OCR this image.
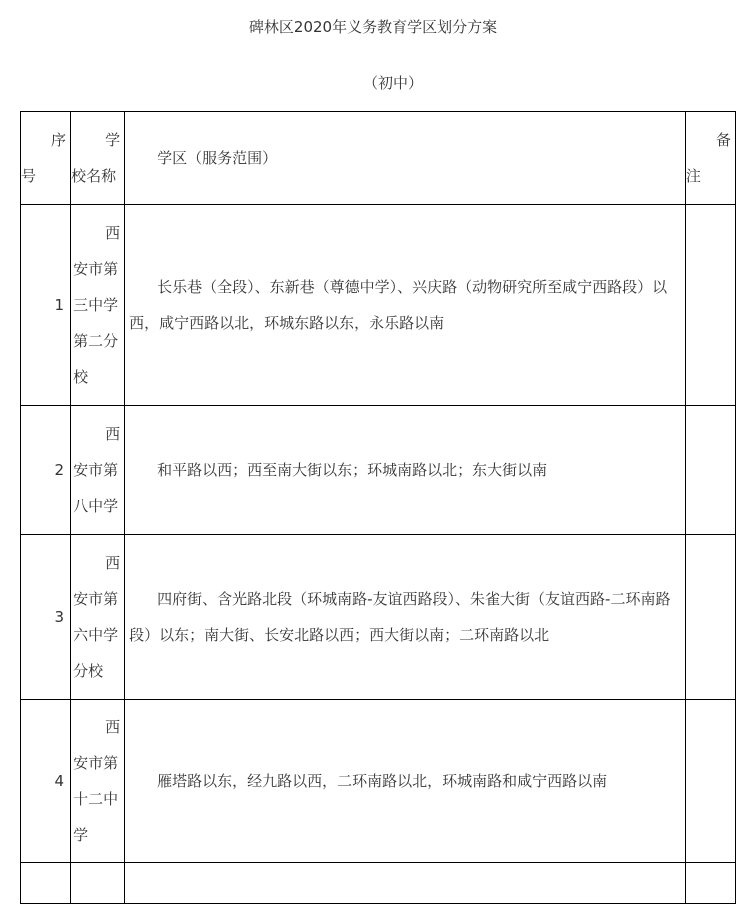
碑林区2020年义务教育学区划分方案
（初中）
序
号	学
校名称	学区（服务范围）	备
注

1	西
安市第
三中学
第二分
校	长乐巷（全段）、东新巷（尊德中学）、兴庆路（动物研究所至咸宁西路段）以西，咸宁西路以北，环城东路以东，永乐路以南	

2	西
安市第
八中学	和平路以西；西至南大街以东；环城南路以北；东大街以南	

3	西
安市第
六中学
分校	四府街、含光路北段（环城南路-友谊西路段）、朱雀大街（友谊西路-二环南路段）以东；南大街、长安北路以西；西大街以南；二环南路以北	

4	西
安市第
十二中
学	雁塔路以东，经九路以西，二环南路以北，环城南路和咸宁西路以南	
